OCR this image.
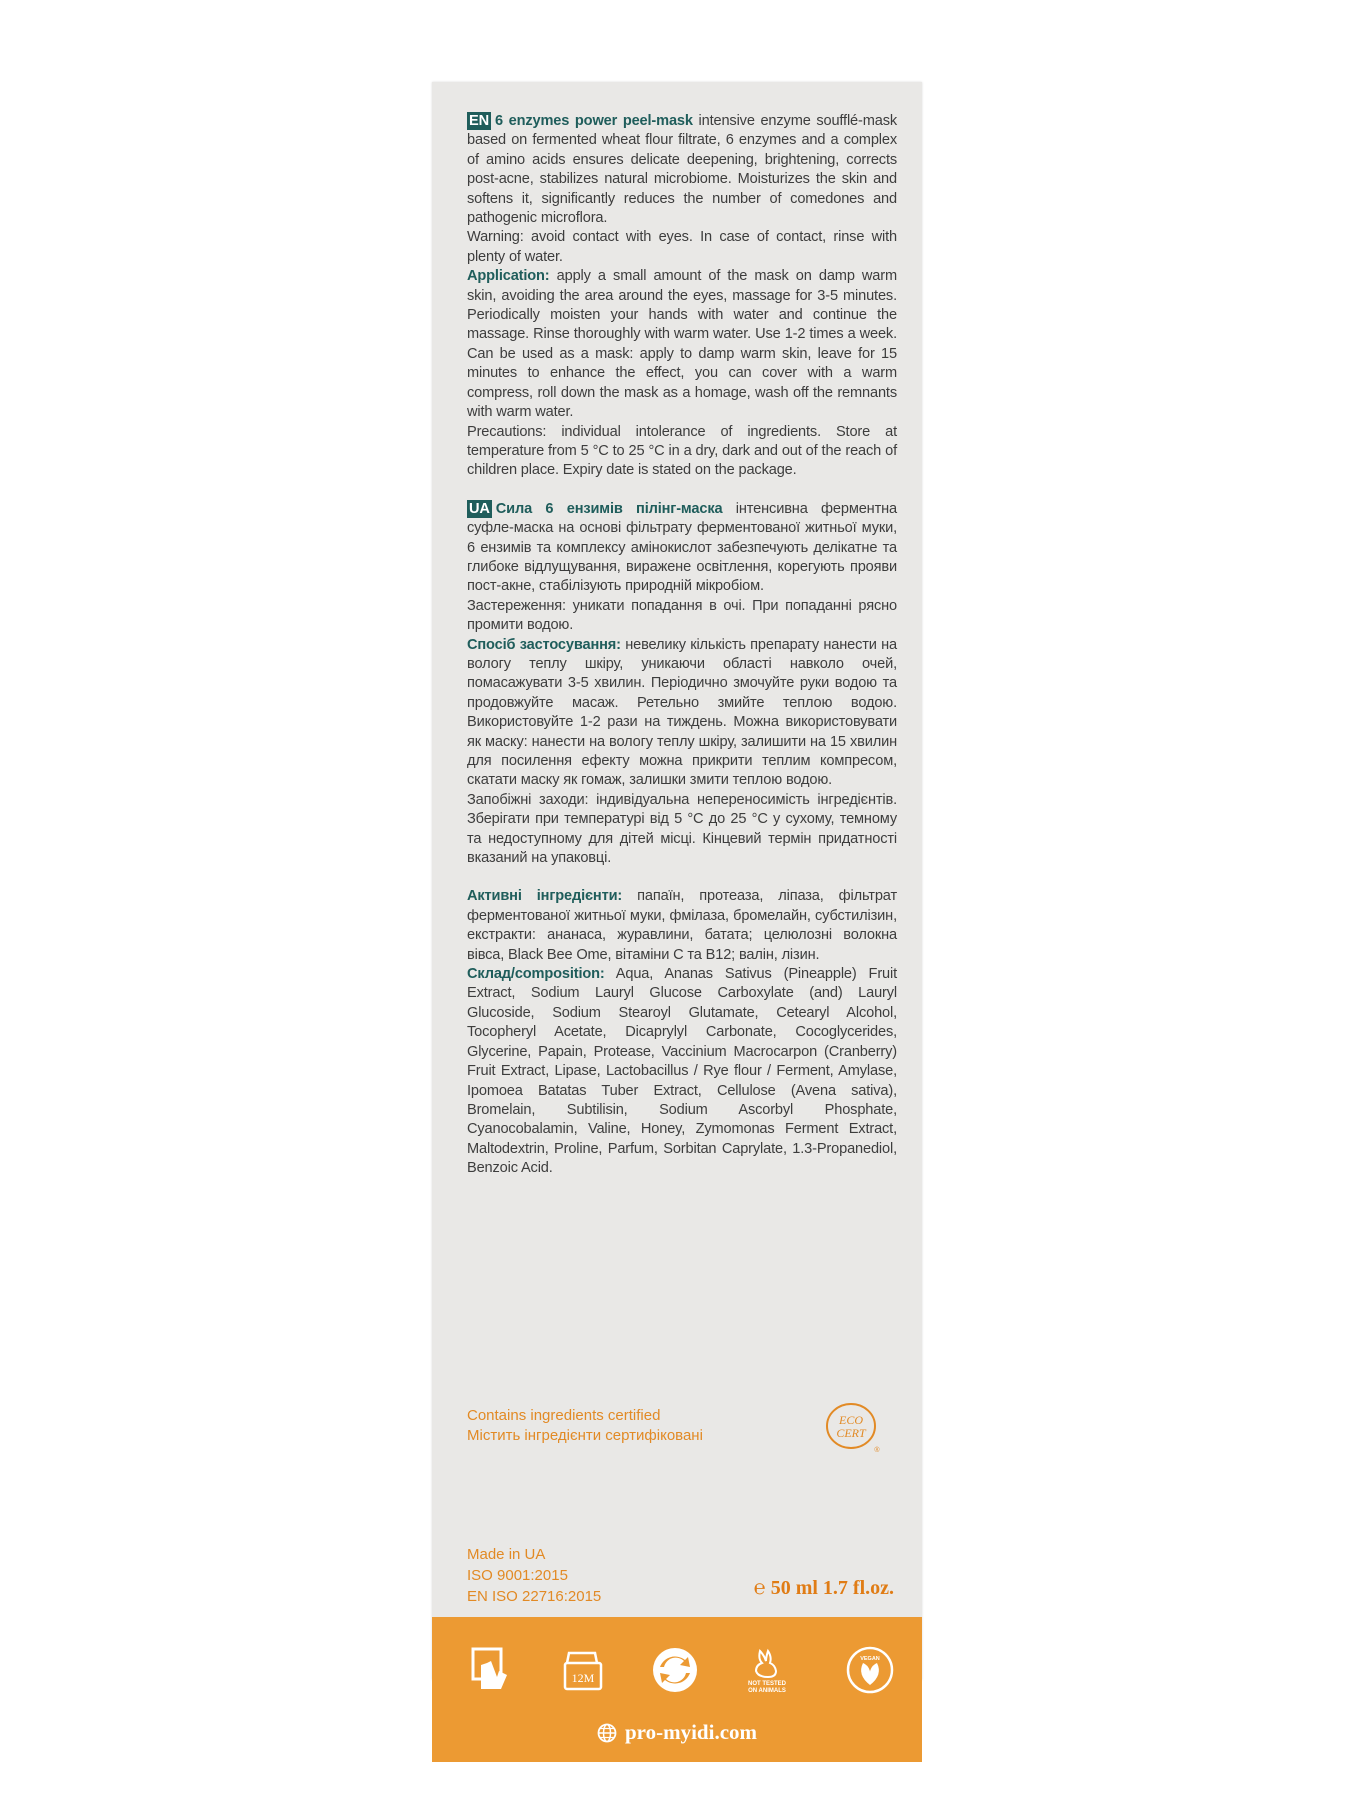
EN 6 enzymes power peel-mask intensive enzyme soufflé-mask based on fermented wheat flour filtrate, 6 enzymes and a complex of amino acids ensures delicate deepening, brightening, corrects post-acne, stabilizes natural microbiome. Moisturizes the skin and softens it, significantly reduces the number of comedones and pathogenic microflora.

Warning: avoid contact with eyes. In case of contact, rinse with plenty of water.

Application: apply a small amount of the mask on damp warm skin, avoiding the area around the eyes, massage for 3-5 minutes. Periodically moisten your hands with water and continue the massage. Rinse thoroughly with warm water. Use 1-2 times a week. Can be used as a mask: apply to damp warm skin, leave for 15 minutes to enhance the effect, you can cover with a warm compress, roll down the mask as a homage, wash off the remnants with warm water.

Precautions: individual intolerance of ingredients. Store at temperature from 5 °C to 25 °C in a dry, dark and out of the reach of children place. Expiry date is stated on the package.

UA Сила 6 ензимів пілінг-маска інтенсивна ферментна суфле-маска на основі фільтрату ферментованої житньої муки, 6 ензимів та комплексу амінокислот забезпечують делікатне та глибоке відлущування, виражене освітлення, корегують прояви пост-акне, стабілізують природній мікробіом.

Застереження: уникати попадання в очі. При попаданні рясно промити водою.

Спосіб застосування: невелику кількість препарату нанести на вологу теплу шкіру, уникаючи області навколо очей, помасажувати 3-5 хвилин. Періодично змочуйте руки водою та продовжуйте масаж. Ретельно змийте теплою водою. Використовуйте 1-2 рази на тиждень. Можна використовувати як маску: нанести на вологу теплу шкіру, залишити на 15 хвилин для посилення ефекту можна прикрити теплим компресом, скатати маску як гомаж, залишки змити теплою водою.

Запобіжні заходи: індивідуальна непереносимість інгредієнтів. Зберігати при температурі від 5 °С до 25 °С у сухому, темному та недоступному для дітей місці. Кінцевий термін придатності вказаний на упаковці.

Активні інгредієнти: папаїн, протеаза, ліпаза, фільтрат ферментованої житньої муки, фмілаза, бромелайн, субстилізин, екстракти: ананаса, журавлини, батата; целюлозні волокна вівса, Black Bee Ome, вітаміни С та В12; валін, лізин.

Склад/composition: Aqua, Ananas Sativus (Pineapple) Fruit Extract, Sodium Lauryl Glucose Carboxylate (and) Lauryl Glucoside, Sodium Stearoyl Glutamate, Cetearyl Alcohol, Tocopheryl Acetate, Dicaprylyl Carbonate, Cocoglycerides, Glycerine, Papain, Protease, Vaccinium Macrocarpon (Cranberry) Fruit Extract, Lipase, Lactobacillus / Rye flour / Ferment, Amylase, Ipomoea Batatas Tuber Extract, Cellulose (Avena sativa), Bromelain, Subtilisin, Sodium Ascorbyl Phosphate, Cyanocobalamin, Valine, Honey, Zymomonas Ferment Extract, Maltodextrin, Proline, Parfum, Sorbitan Caprylate, 1.3-Propanediol, Benzoic Acid.

Contains ingredients certified
Містить інгредієнти сертифіковані
ECO
CERT
®
Made in UA
ISO 9001:2015
EN ISO 22716:2015	℮ 50 ml 1.7 fl.oz.
12M	NOT TESTED
ON ANIMALS
VEGAN
pro-myidi.com
